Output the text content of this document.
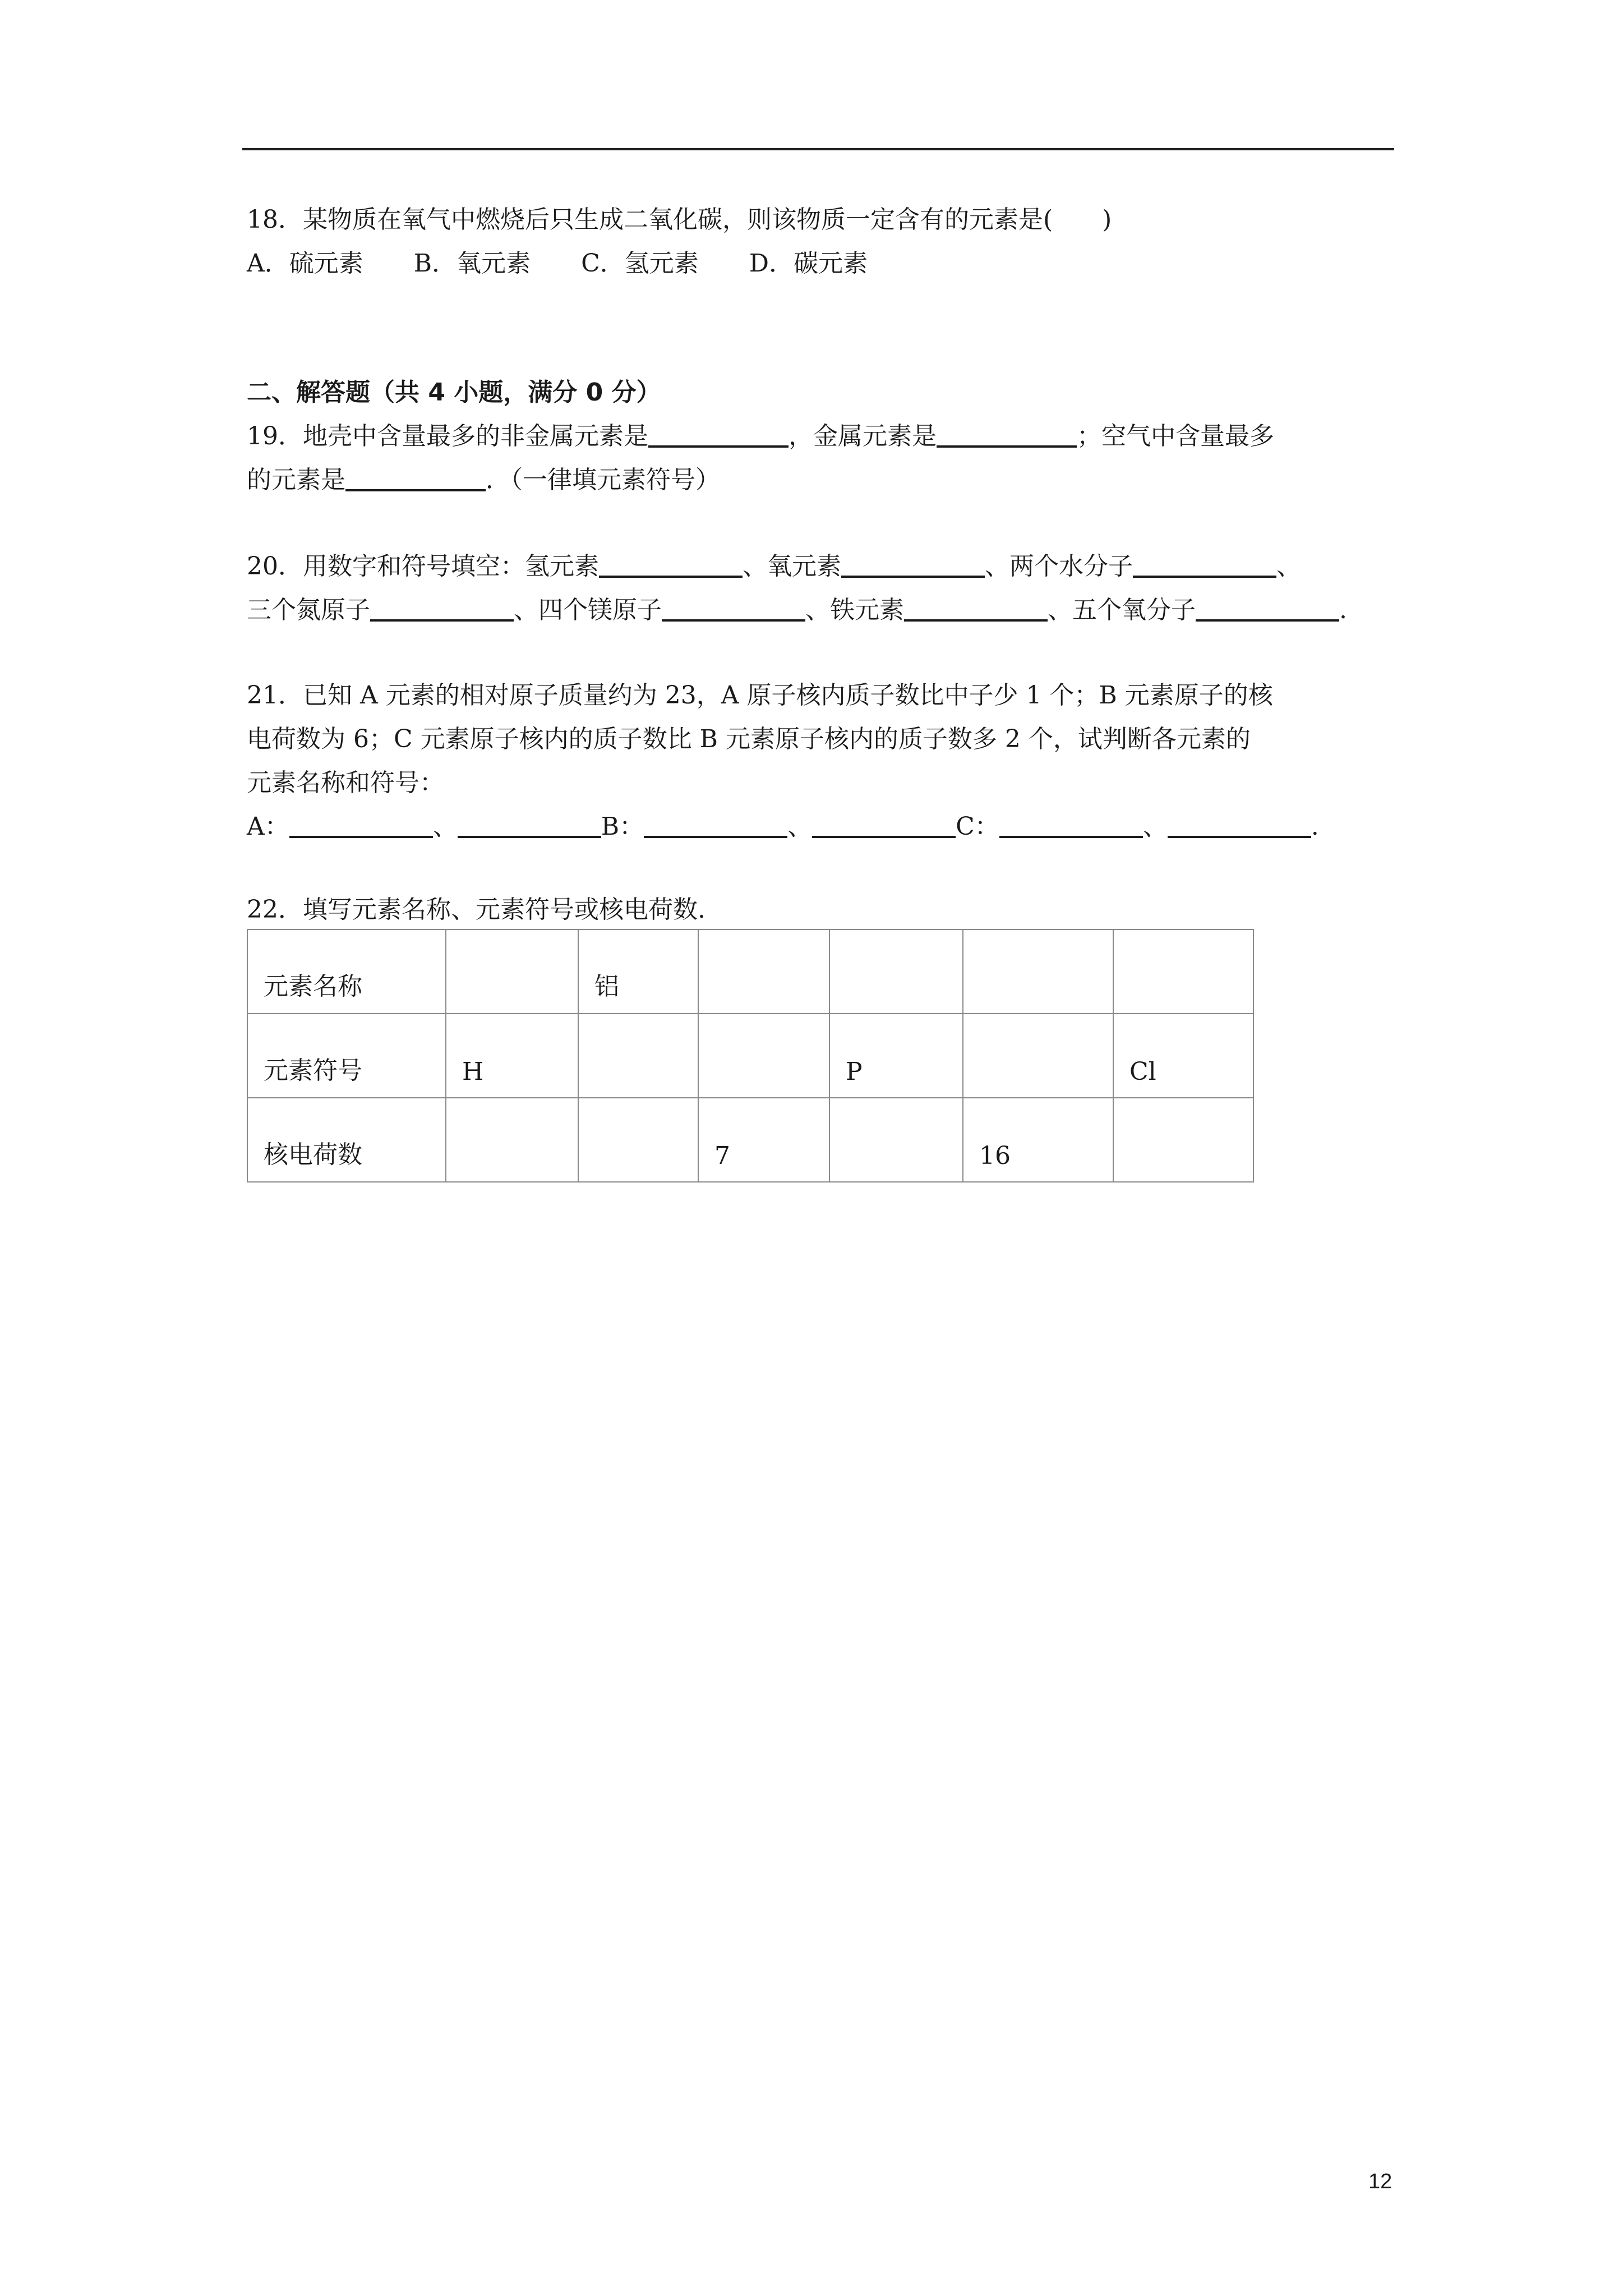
18．某物质在氧气中燃烧后只生成二氧化碳，则该物质一定含有的元素是(　　)
A．硫元素 B．氧元素 C．氢元素 D．碳元素
二、解答题（共 4 小题，满分 0 分）
19．地壳中含量最多的非金属元素是	，金属元素是	；空气中含量最多
的元素是	．（一律填元素符号）
20．用数字和符号填空：氢元素	、氧元素	、两个水分子	、
三个氮原子	、四个镁原子	、铁元素	、五个氧分子	.
21．已知 A 元素的相对原子质量约为 23，A 原子核内质子数比中子少 1 个；B 元素原子的核
电荷数为 6；C 元素原子核内的质子数比 B 元素原子核内的质子数多 2 个，试判断各元素的
元素名称和符号：
A：	、	B：	、	C：	、	.
22．填写元素名称、元素符号或核电荷数.
元素名称		铝				
元素符号	H			P		Cl
核电荷数			7		16	
12
